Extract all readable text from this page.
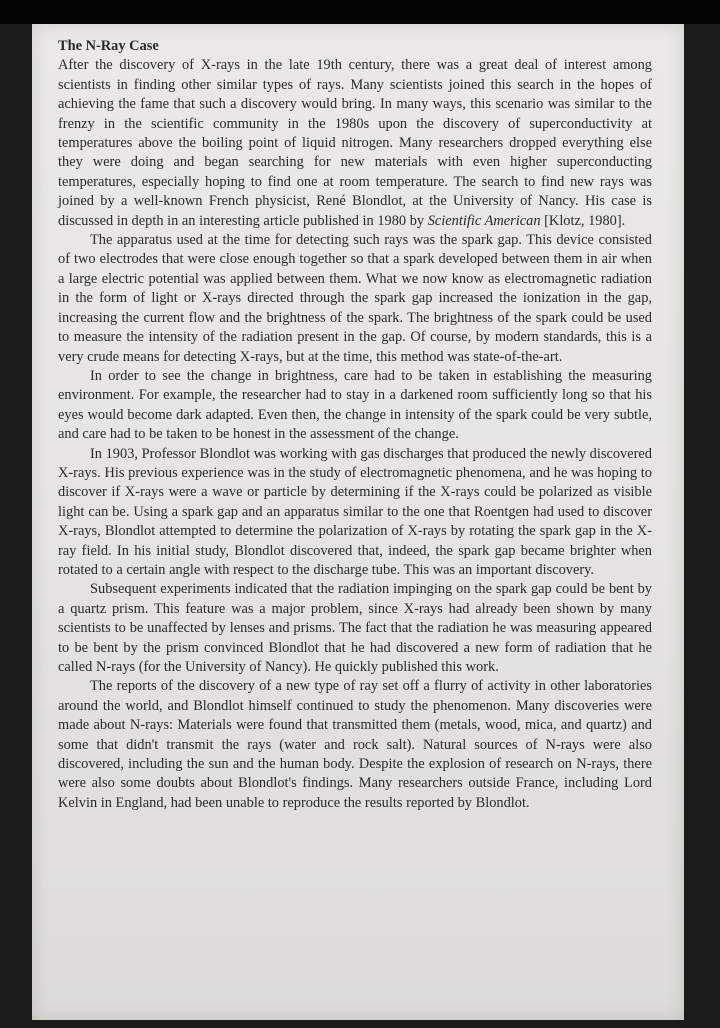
The N-Ray Case

After the discovery of X-rays in the late 19th century, there was a great deal of interest among scientists in finding other similar types of rays. Many scientists joined this search in the hopes of achieving the fame that such a discovery would bring. In many ways, this scenario was similar to the frenzy in the scientific community in the 1980s upon the discovery of superconductivity at temperatures above the boiling point of liquid nitrogen. Many researchers dropped everything else they were doing and began searching for new materials with even higher superconducting temperatures, especially hoping to find one at room temperature. The search to find new rays was joined by a well-known French physicist, René Blondlot, at the University of Nancy. His case is discussed in depth in an interesting article published in 1980 by Scientific American [Klotz, 1980].

The apparatus used at the time for detecting such rays was the spark gap. This device consisted of two electrodes that were close enough together so that a spark developed between them in air when a large electric potential was applied between them. What we now know as electromagnetic radiation in the form of light or X-rays directed through the spark gap increased the ionization in the gap, increasing the current flow and the brightness of the spark. The brightness of the spark could be used to measure the intensity of the radiation present in the gap. Of course, by modern standards, this is a very crude means for detecting X-rays, but at the time, this method was state-of-the-art.

In order to see the change in brightness, care had to be taken in establishing the measuring environment. For example, the researcher had to stay in a darkened room sufficiently long so that his eyes would become dark adapted. Even then, the change in intensity of the spark could be very subtle, and care had to be taken to be honest in the assessment of the change.

In 1903, Professor Blondlot was working with gas discharges that produced the newly discovered X-rays. His previous experience was in the study of electromagnetic phenomena, and he was hoping to discover if X-rays were a wave or particle by determining if the X-rays could be polarized as visible light can be. Using a spark gap and an apparatus similar to the one that Roentgen had used to discover X-rays, Blondlot attempted to determine the polarization of X-rays by rotating the spark gap in the X-ray field. In his initial study, Blondlot discovered that, indeed, the spark gap became brighter when rotated to a certain angle with respect to the discharge tube. This was an important discovery.

Subsequent experiments indicated that the radiation impinging on the spark gap could be bent by a quartz prism. This feature was a major problem, since X-rays had already been shown by many scientists to be unaffected by lenses and prisms. The fact that the radiation he was measuring appeared to be bent by the prism convinced Blondlot that he had discovered a new form of radiation that he called N-rays (for the University of Nancy). He quickly published this work.

The reports of the discovery of a new type of ray set off a flurry of activity in other laboratories around the world, and Blondlot himself continued to study the phenomenon. Many discoveries were made about N-rays: Materials were found that transmitted them (metals, wood, mica, and quartz) and some that didn't transmit the rays (water and rock salt). Natural sources of N-rays were also discovered, including the sun and the human body. Despite the explosion of research on N-rays, there were also some doubts about Blondlot's findings. Many researchers outside France, including Lord Kelvin in England, had been unable to reproduce the results reported by Blondlot.
